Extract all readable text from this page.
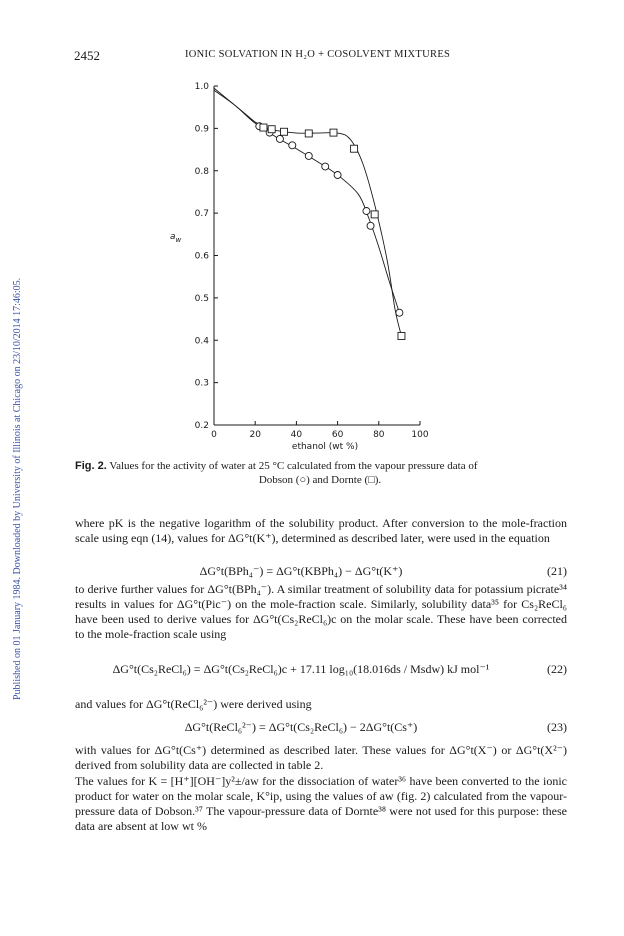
2452	IONIC SOLVATION IN H₂O + COSOLVENT MIXTURES
Published on 01 January 1984. Downloaded by University of Illinois at Chicago on 23/10/2014 17:46:05.
1.0
0.9
0.8
0.7
0.6
0.5
0.4
0.3
0.2
0	20	40	60	80	100
$a_w$
ethanol (wt %)
Fig. 2. Values for the activity of water at 25 °C calculated from the vapour pressure data of
Dobson (○) and Dornte (□).
where pK is the negative logarithm of the solubility product. After conversion to the mole-fraction scale using eqn (14), values for ΔG°t(K⁺), determined as described later, were used in the equation
ΔG°t(BPh₄⁻) = ΔG°t(KBPh₄) − ΔG°t(K⁺)	(21)
to derive further values for ΔG°t(BPh₄⁻). A similar treatment of solubility data for potassium picrate³⁴ results in values for ΔG°t(Pic⁻) on the mole-fraction scale. Similarly, solubility data³⁵ for Cs₂ReCl₆ have been used to derive values for ΔG°t(Cs₂ReCl₆)c on the molar scale. These have been corrected to the mole-fraction scale using
ΔG°t(Cs₂ReCl₆) = ΔG°t(Cs₂ReCl₆)c + 17.11 log₁₀(18.016ds / Msdw) kJ mol⁻¹	(22)
and values for ΔG°t(ReCl₆²⁻) were derived using
ΔG°t(ReCl₆²⁻) = ΔG°t(Cs₂ReCl₆) − 2ΔG°t(Cs⁺)	(23)
with values for ΔG°t(Cs⁺) determined as described later. These values for ΔG°t(X⁻) or ΔG°t(X²⁻) derived from solubility data are collected in table 2.
The values for K = [H⁺][OH⁻]y²±/aw for the dissociation of water³⁶ have been converted to the ionic product for water on the molar scale, K°ip, using the values of aw (fig. 2) calculated from the vapour-pressure data of Dobson.³⁷ The vapour-pressure data of Dornte³⁸ were not used for this purpose: these data are absent at low wt %
